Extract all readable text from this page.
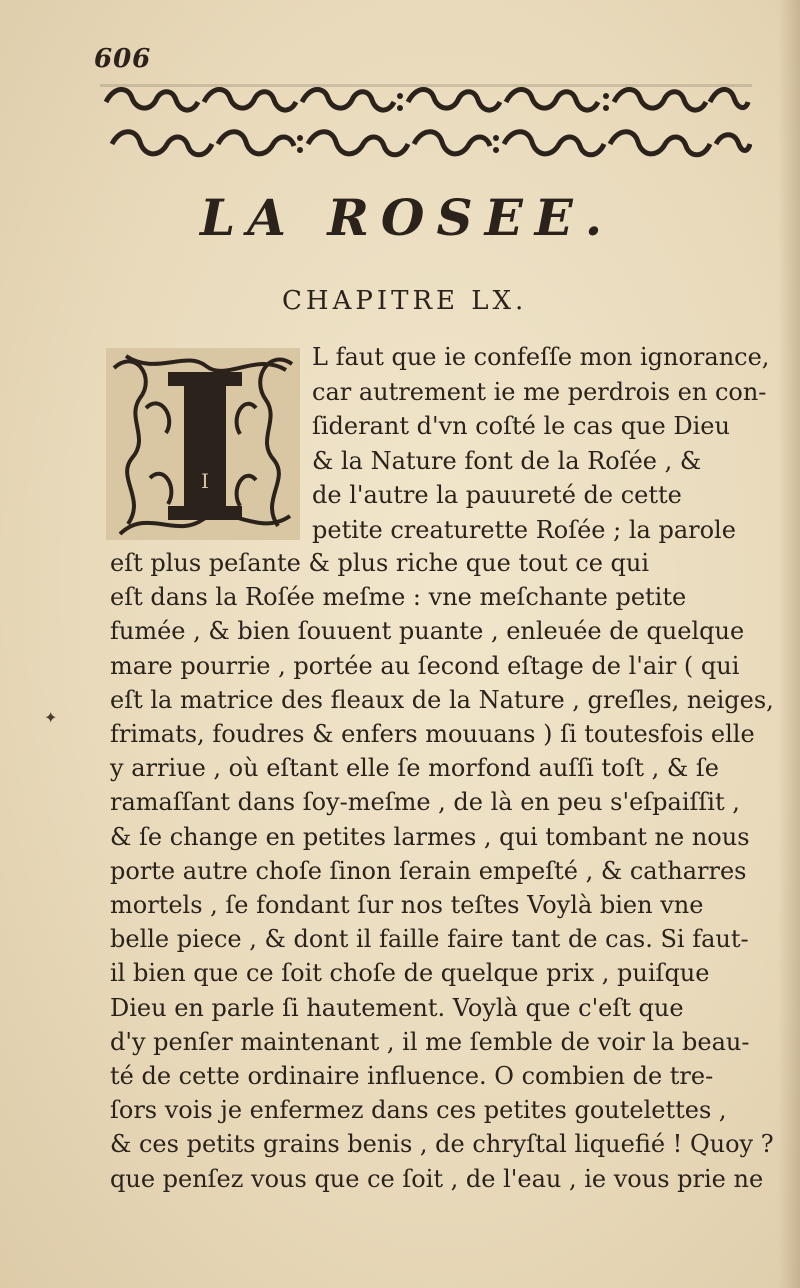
606
LA ROSEE.
CHAPITRE LX.
I
L faut que ie confeſſe mon ignorance,
car autrement ie me perdrois en con-
ſiderant d'vn coſté le cas que Dieu
& la Nature font de la Roſée , &
de l'autre la pauureté de cette
petite creaturette Roſée ; la parole
eſt plus peſante & plus riche que tout ce qui
eſt dans la Roſée meſme : vne meſchante petite
fumée , & bien ſouuent puante , enleuée de quelque
mare pourrie , portée au ſecond eſtage de l'air ( qui
eſt la matrice des fleaux de la Nature , greſles, neiges,
frimats, foudres & enfers mouuans ) ſi toutesfois elle
y arriue , où eſtant elle ſe morfond auſſi toſt , & ſe
ramaſſant dans ſoy-meſme , de là en peu s'eſpaiſſit ,
& ſe change en petites larmes , qui tombant ne nous
porte autre choſe ſinon ſerain empeſté , & catharres
mortels , ſe fondant ſur nos teſtes Voylà bien vne
belle piece , & dont il faille faire tant de cas. Si faut-
il bien que ce ſoit choſe de quelque prix , puiſque
Dieu en parle ſi hautement. Voylà que c'eſt que
d'y penſer maintenant , il me ſemble de voir la beau-
té de cette ordinaire influence. O combien de tre-
ſors vois je enfermez dans ces petites goutelettes ,
& ces petits grains benis , de chryſtal liquefié ! Quoy ?
que penſez vous que ce ſoit , de l'eau , ie vous prie ne
✦
